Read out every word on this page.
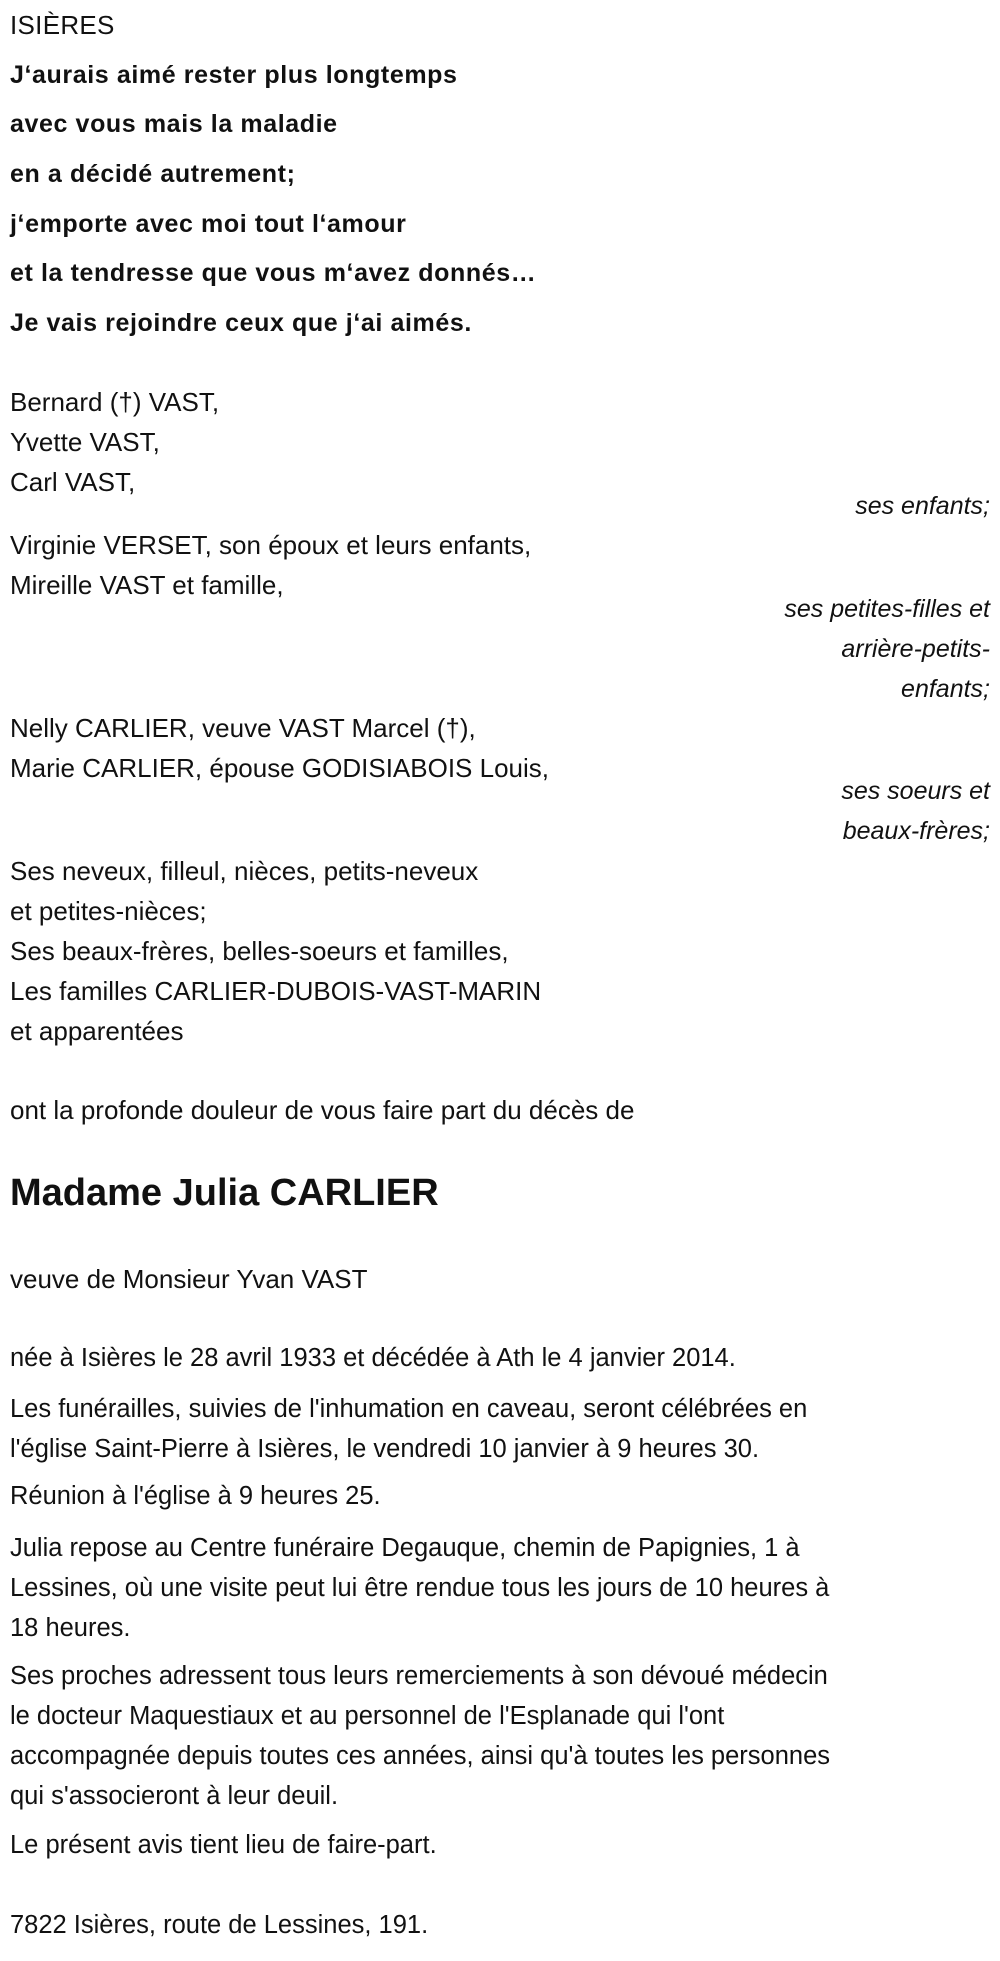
ISIÈRES
J‘aurais aimé rester plus longtemps
avec vous mais la maladie
en a décidé autrement;
j‘emporte avec moi tout l‘amour
et la tendresse que vous m‘avez donnés…
Je vais rejoindre ceux que j‘ai aimés.
Bernard (†) VAST,
Yvette VAST,
Carl VAST,
ses enfants;
Virginie VERSET, son époux et leurs enfants,
Mireille VAST et famille,
ses petites-filles et
arrière-petits-
enfants;
Nelly CARLIER, veuve VAST Marcel (†),
Marie CARLIER, épouse GODISIABOIS Louis,
ses soeurs et
beaux-frères;
Ses neveux, filleul, nièces, petits-neveux
et petites-nièces;
Ses beaux-frères, belles-soeurs et familles,
Les familles CARLIER-DUBOIS-VAST-MARIN
et apparentées
ont la profonde douleur de vous faire part du décès de
Madame Julia CARLIER
veuve de Monsieur Yvan VAST
née à Isières le 28 avril 1933 et décédée à Ath le 4 janvier 2014.
Les funérailles, suivies de l'inhumation en caveau, seront célébrées en
l'église Saint-Pierre à Isières, le vendredi 10 janvier à 9 heures 30.
Réunion à l'église à 9 heures 25.
Julia repose au Centre funéraire Degauque, chemin de Papignies, 1 à
Lessines, où une visite peut lui être rendue tous les jours de 10 heures à
18 heures.
Ses proches adressent tous leurs remerciements à son dévoué médecin
le docteur Maquestiaux et au personnel de l'Esplanade qui l'ont
accompagnée depuis toutes ces années, ainsi qu'à toutes les personnes
qui s'associeront à leur deuil.
Le présent avis tient lieu de faire-part.
7822 Isières, route de Lessines, 191.
